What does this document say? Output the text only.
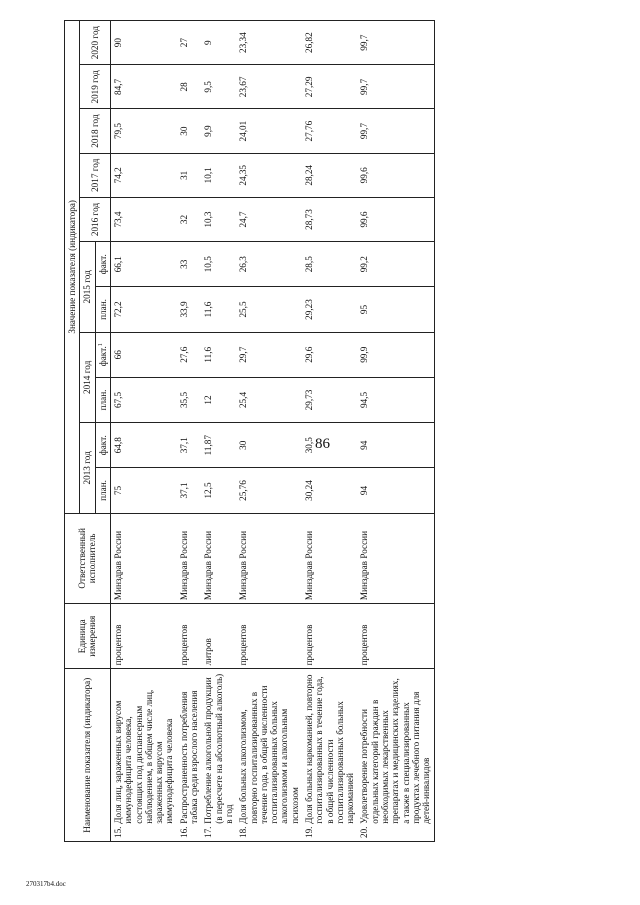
86
Наименование показателя (индикатора)		Единица измерения	Ответственный исполнитель	Значение показателя (индикатора)										
				2013 год		2014 год		2015 год		2016 год	2017 год	2018 год	2019 год	2020 год
				план.	факт.	план.	факт.$^1$	план.	факт.					
15.	Доля лиц, зараженных вирусом иммунодефицита человека, состоящих под диспансерным наблюдением, в общем числе лиц, зараженных вирусом иммунодефицита человека	процентов	Минздрав России	75	64,8	67,5	66	72,2	66,1	73,4	74,2	79,5	84,7	90
16.	Распространенность потребления табака среди взрослого населения	процентов	Минздрав России	37,1	37,1	35,5	27,6	33,9	33	32	31	30	28	27
17.	Потребление алкогольной продукции (в пересчете на абсолютный алкоголь) в год	литров	Минздрав России	12,5	11,87	12	11,6	11,6	10,5	10,3	10,1	9,9	9,5	9
18.	Доля больных алкоголизмом, повторно госпитализированных в течение года, в общей численности госпитализированных больных алкоголизмом и алкогольным психозом	процентов	Минздрав России	25,76	30	25,4	29,7	25,5	26,3	24,7	24,35	24,01	23,67	23,34
19.	Доля больных наркоманией, повторно госпитализированных в течение года, в общей численности госпитализированных больных наркоманией	процентов	Минздрав России	30,24	30,5	29,73	29,6	29,23	28,5	28,73	28,24	27,76	27,29	26,82
20.	Удовлетворение потребности отдельных категорий граждан в необходимых лекарственных препаратах и медицинских изделиях, а также в специализированных продуктах лечебного питания для детей-инвалидов	процентов	Минздрав России	94	94	94,5	99,9	95	99,2	99,6	99,6	99,7	99,7	99,7
270317b4.doc
